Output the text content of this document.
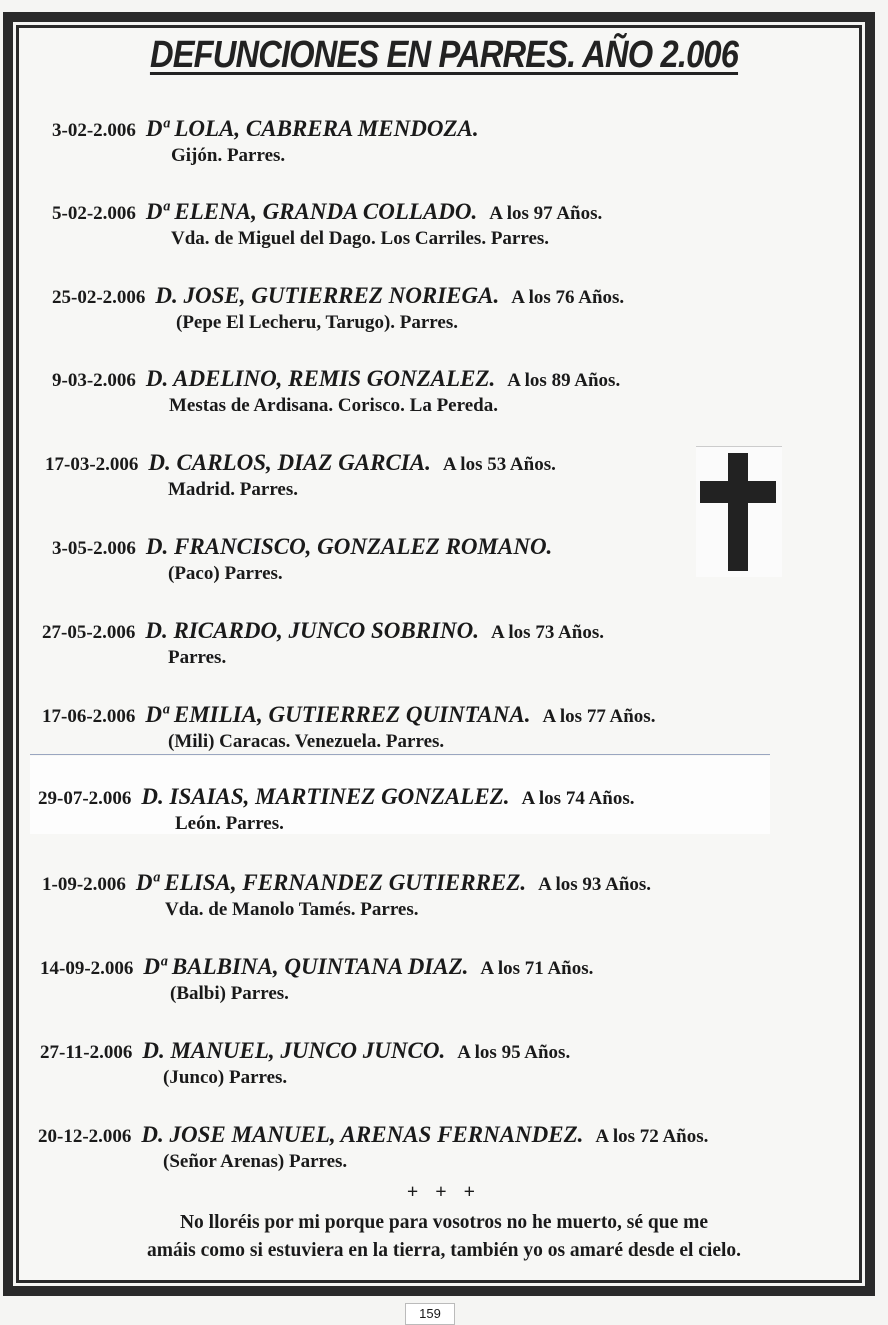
DEFUNCIONES EN PARRES. AÑO 2.006
3-02-2.006 Dª LOLA, CABRERA MENDOZA.
Gijón. Parres.
5-02-2.006 Dª ELENA, GRANDA COLLADO. A los 97 Años.
Vda. de Miguel del Dago. Los Carriles. Parres.
25-02-2.006 D. JOSE, GUTIERREZ NORIEGA. A los 76 Años.
(Pepe El Lecheru, Tarugo). Parres.
9-03-2.006 D. ADELINO, REMIS GONZALEZ. A los 89 Años.
Mestas de Ardisana. Corisco. La Pereda.
17-03-2.006 D. CARLOS, DIAZ GARCIA. A los 53 Años.
Madrid. Parres.
3-05-2.006 D. FRANCISCO, GONZALEZ ROMANO.
(Paco) Parres.
27-05-2.006 D. RICARDO, JUNCO SOBRINO. A los 73 Años.
Parres.
17-06-2.006 Dª EMILIA, GUTIERREZ QUINTANA. A los 77 Años.
(Mili) Caracas. Venezuela. Parres.
29-07-2.006 D. ISAIAS, MARTINEZ GONZALEZ. A los 74 Años.
León. Parres.
1-09-2.006 Dª ELISA, FERNANDEZ GUTIERREZ. A los 93 Años.
Vda. de Manolo Tamés. Parres.
14-09-2.006 Dª BALBINA, QUINTANA DIAZ. A los 71 Años.
(Balbi) Parres.
27-11-2.006 D. MANUEL, JUNCO JUNCO. A los 95 Años.
(Junco) Parres.
20-12-2.006 D. JOSE MANUEL, ARENAS FERNANDEZ. A los 72 Años.
(Señor Arenas) Parres.
+ + +
No lloréis por mi porque para vosotros no he muerto, sé que me
amáis como si estuviera en la tierra, también yo os amaré desde el cielo.
159
